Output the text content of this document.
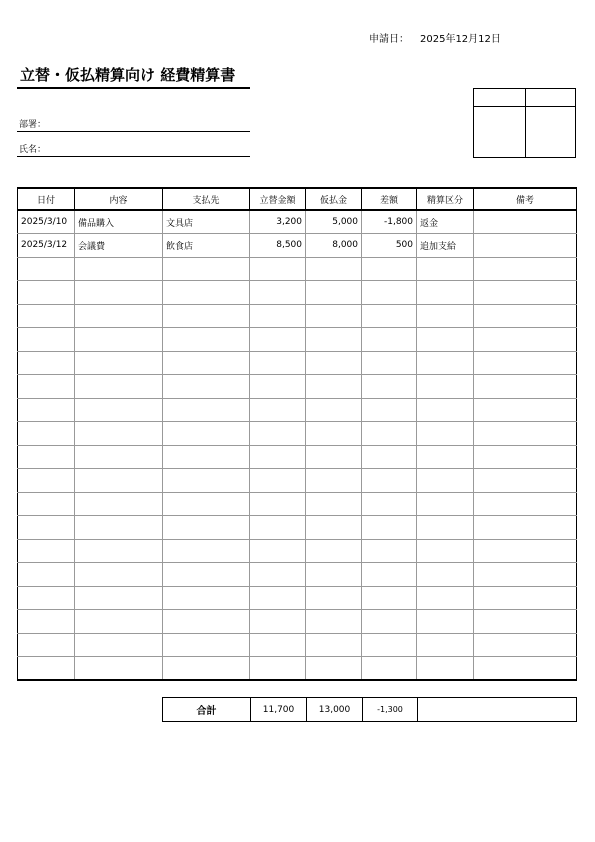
申請日： 2025年12月12日
立替・仮払精算向け 経費精算書
部署：
氏名：
日付	内容	支払先	立替金額	仮払金	差額	精算区分	備考
2025/3/10	備品購入	文具店	3,200	5,000	-1,800	返金	
2025/3/12	会議費	飲食店	8,500	8,000	500	追加支給	

合計	11,700	13,000	-1,300	
